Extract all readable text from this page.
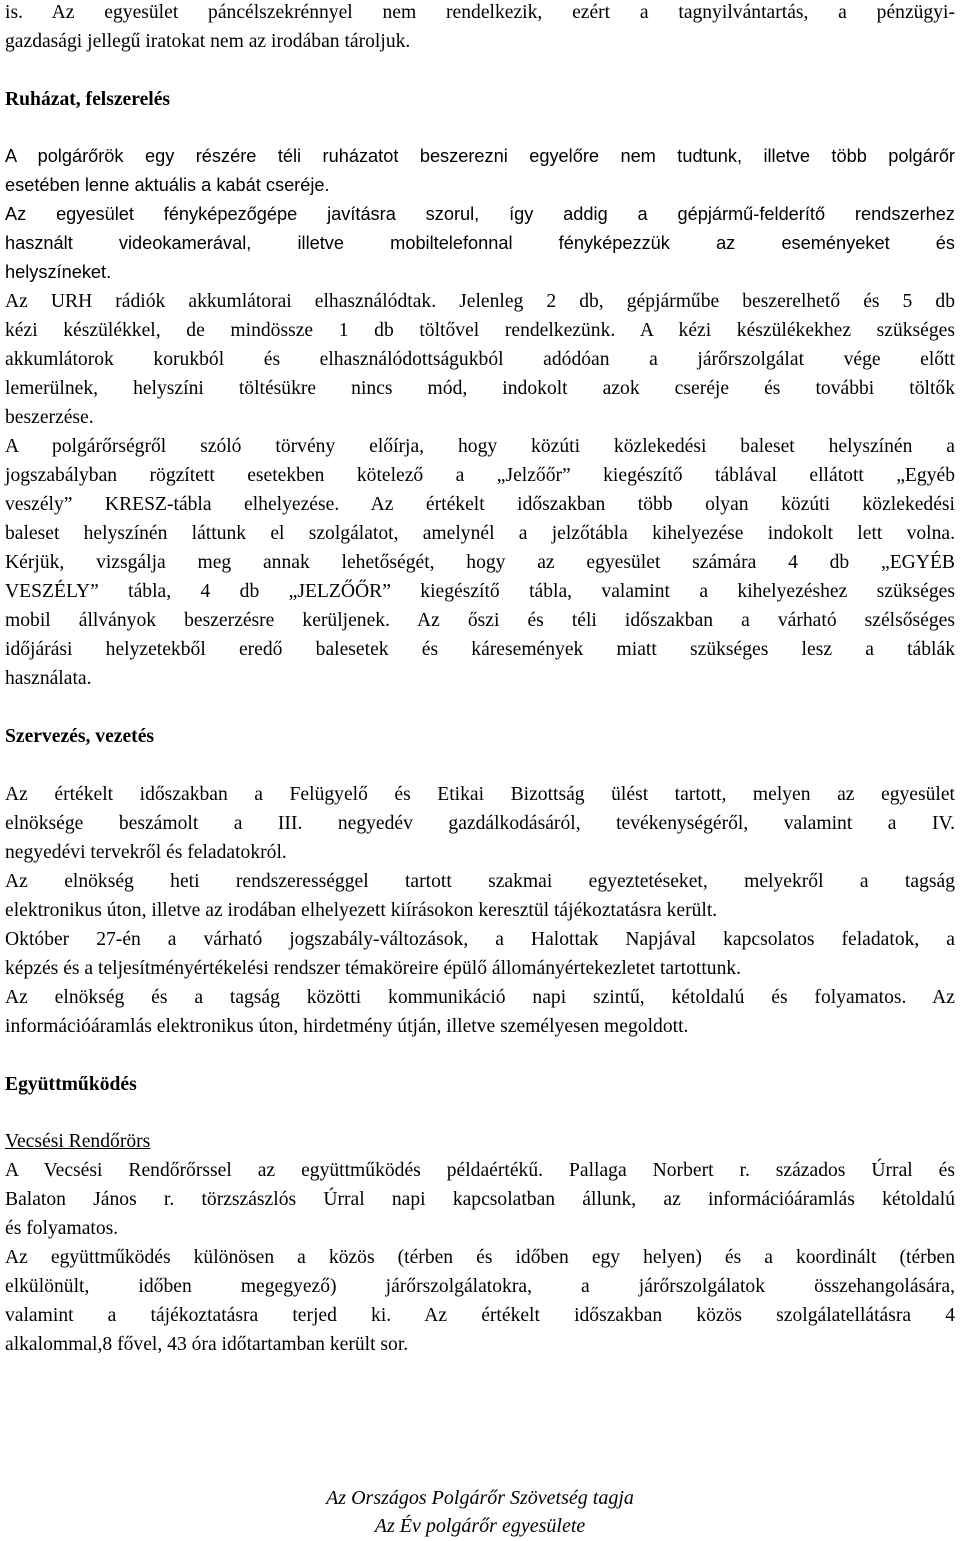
is. Az egyesület páncélszekrénnyel nem rendelkezik, ezért a tagnyilvántartás, a pénzügyi-
gazdasági jellegű iratokat nem az irodában tároljuk.
Ruházat, felszerelés
A polgárőrök egy részére téli ruházatot beszerezni egyelőre nem tudtunk, illetve több polgárőr
esetében lenne aktuális a kabát cseréje.
Az egyesület fényképezőgépe javításra szorul, így addig a gépjármű-felderítő rendszerhez
használt videokamerával, illetve mobiltelefonnal fényképezzük az eseményeket és
helyszíneket.
Az URH rádiók akkumlátorai elhasználódtak. Jelenleg 2 db, gépjárműbe beszerelhető és 5 db
kézi készülékkel, de mindössze 1 db töltővel rendelkezünk. A kézi készülékekhez szükséges
akkumlátorok korukból és elhasználódottságukból adódóan a járőrszolgálat vége előtt
lemerülnek, helyszíni töltésükre nincs mód, indokolt azok cseréje és további töltők
beszerzése.
A polgárőrségről szóló törvény előírja, hogy közúti közlekedési baleset helyszínén a
jogszabályban rögzített esetekben kötelező a „Jelzőőr” kiegészítő táblával ellátott „Egyéb
veszély” KRESZ-tábla elhelyezése. Az értékelt időszakban több olyan közúti közlekedési
baleset helyszínén láttunk el szolgálatot, amelynél a jelzőtábla kihelyezése indokolt lett volna.
Kérjük, vizsgálja meg annak lehetőségét, hogy az egyesület számára 4 db „EGYÉB
VESZÉLY” tábla, 4 db „JELZŐŐR” kiegészítő tábla, valamint a kihelyezéshez szükséges
mobil állványok beszerzésre kerüljenek. Az őszi és téli időszakban a várható szélsőséges
időjárási helyzetekből eredő balesetek és káresemények miatt szükséges lesz a táblák
használata.
Szervezés, vezetés
Az értékelt időszakban a Felügyelő és Etikai Bizottság ülést tartott, melyen az egyesület
elnöksége beszámolt a III. negyedév gazdálkodásáról, tevékenységéről, valamint a IV.
negyedévi tervekről és feladatokról.
Az elnökség heti rendszerességgel tartott szakmai egyeztetéseket, melyekről a tagság
elektronikus úton, illetve az irodában elhelyezett kiírásokon keresztül tájékoztatásra került.
Október 27-én a várható jogszabály-változások, a Halottak Napjával kapcsolatos feladatok, a
képzés és a teljesítményértékelési rendszer témaköreire épülő állományértekezletet tartottunk.
Az elnökség és a tagság közötti kommunikáció napi szintű, kétoldalú és folyamatos. Az
információáramlás elektronikus úton, hirdetmény útján, illetve személyesen megoldott.
Együttműködés
Vecsési Rendőrörs
A Vecsési Rendőrőrssel az együttműködés példaértékű. Pallaga Norbert r. százados Úrral és
Balaton János r. törzszászlós Úrral napi kapcsolatban állunk, az információáramlás kétoldalú
és folyamatos.
Az együttműködés különösen a közös (térben és időben egy helyen) és a koordinált (térben
elkülönült, időben megegyező) járőrszolgálatokra, a járőrszolgálatok összehangolására,
valamint a tájékoztatásra terjed ki. Az értékelt időszakban közös szolgálatellátásra 4
alkalommal,8 fővel, 43 óra időtartamban került sor.
Az Országos Polgárőr Szövetség tagja
Az Év polgárőr egyesülete
